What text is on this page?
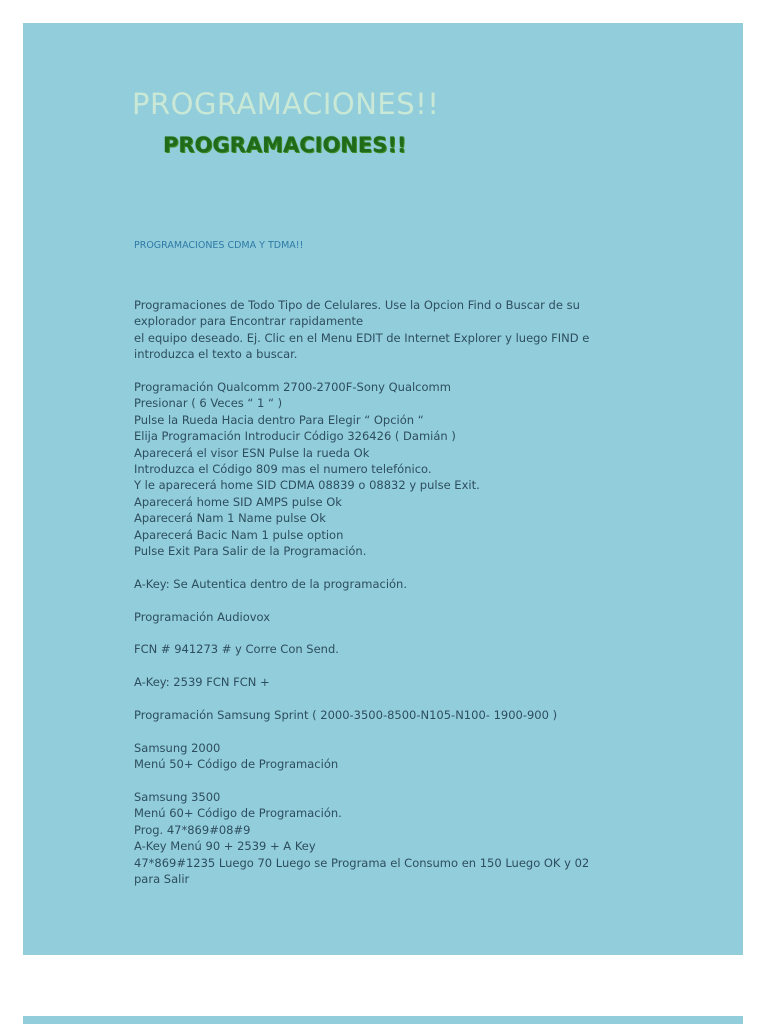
PROGRAMACIONES!!
PROGRAMACIONES!!
PROGRAMACIONES CDMA Y TDMA!!
Programaciones de Todo Tipo de Celulares. Use la Opcion Find o Buscar de su
explorador para Encontrar rapidamente
el equipo deseado. Ej. Clic en el Menu EDIT de Internet Explorer y luego FIND e
introduzca el texto a buscar.
Programación Qualcomm 2700-2700F-Sony Qualcomm
Presionar ( 6 Veces “ 1 “ )
Pulse la Rueda Hacia dentro Para Elegir “ Opción “
Elija Programación Introducir Código 326426 ( Damián )
Aparecerá el visor ESN Pulse la rueda Ok
Introduzca el Código 809 mas el numero telefónico.
Y le aparecerá home SID CDMA 08839 o 08832 y pulse Exit.
Aparecerá home SID AMPS pulse Ok
Aparecerá Nam 1 Name pulse Ok
Aparecerá Bacic Nam 1 pulse option
Pulse Exit Para Salir de la Programación.
A-Key: Se Autentica dentro de la programación.
Programación Audiovox
FCN # 941273 # y Corre Con Send.
A-Key: 2539 FCN FCN +
Programación Samsung Sprint ( 2000-3500-8500-N105-N100- 1900-900 )
Samsung 2000
Menú 50+ Código de Programación
Samsung 3500
Menú 60+ Código de Programación.
Prog. 47*869#08#9
A-Key Menú 90 + 2539 + A Key
47*869#1235 Luego 70 Luego se Programa el Consumo en 150 Luego OK y 02
para Salir
